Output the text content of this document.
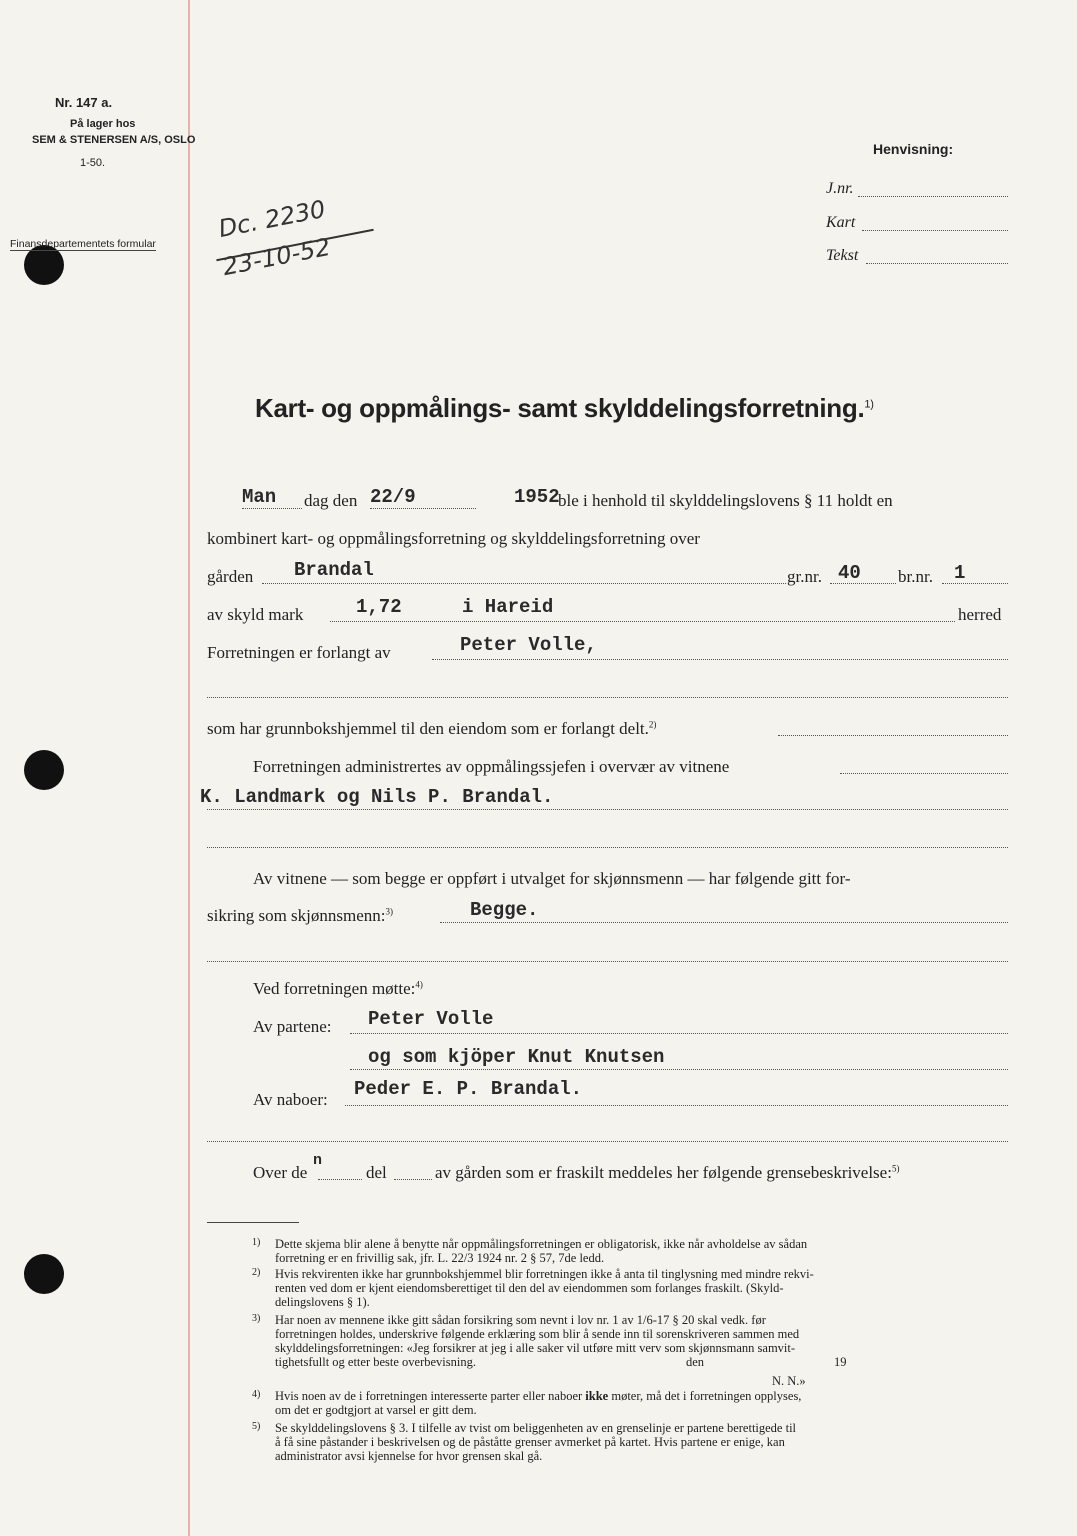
Nr. 147 a.
På lager hos
SEM & STENERSEN A/S, OSLO
1-50.
Finansdepartementets formular
Dc. 2230
23-10-52
Henvisning:
J.nr.
Kart
Tekst
Kart- og oppmålings- samt skylddelingsforretning.$^{1)}$
Man dag den 22/9	1952
ble i henhold til skylddelingslovens § 11 holdt en
kombinert kart- og oppmålingsforretning og skylddelingsforretning over
gården Brandal	gr.nr. 40 br.nr. 1
av skyld mark	1,72	i Hareid	herred
Forretningen er forlangt av	Peter Volle,
som har grunnbokshjemmel til den eiendom som er forlangt delt.$^{2)}$
Forretningen administrertes av oppmålingssjefen i overvær av vitnene
K. Landmark og Nils P. Brandal.
Av vitnene — som begge er oppført i utvalget for skjønnsmenn — har følgende gitt for-
sikring som skjønnsmenn:$^{3)}$	Begge.
Ved forretningen møtte:$^{4)}$
Av partene: Peter Volle
og som kjöper Knut Knutsen
Av naboer: Peder E. P. Brandal.
Over de
n
del	av gården som er fraskilt meddeles her følgende grensebeskrivelse:$^{5)}$
1) Dette skjema blir alene å benytte når oppmålingsforretningen er obligatorisk, ikke når avholdelse av sådan
forretning er en frivillig sak, jfr. L. 22/3 1924 nr. 2 § 57, 7de ledd.
2) Hvis rekvirenten ikke har grunnbokshjemmel blir forretningen ikke å anta til tinglysning med mindre rekvi-
renten ved dom er kjent eiendomsberettiget til den del av eiendommen som forlanges fraskilt. (Skyld-
delingslovens § 1).
3) Har noen av mennene ikke gitt sådan forsikring som nevnt i lov nr. 1 av 1/6-17 § 20 skal vedk. før
forretningen holdes, underskrive følgende erklæring som blir å sende inn til sorenskriveren sammen med
skylddelingsforretningen: «Jeg forsikrer at jeg i alle saker vil utføre mitt verv som skjønnsmann samvit-
tighetsfullt og etter beste overbevisning.	den	19
N. N.»
4) Hvis noen av de i forretningen interesserte parter eller naboer ikke møter, må det i forretningen opplyses,
om det er godtgjort at varsel er gitt dem.
5) Se skylddelingslovens § 3. I tilfelle av tvist om beliggenheten av en grenselinje er partene berettigede til
å få sine påstander i beskrivelsen og de påståtte grenser avmerket på kartet. Hvis partene er enige, kan
administrator avsi kjennelse for hvor grensen skal gå.
